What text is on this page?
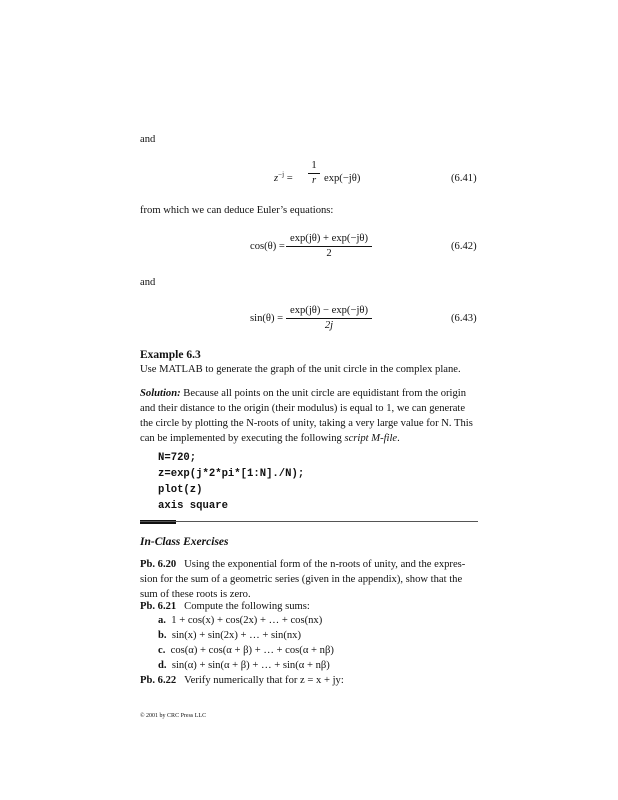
and
$z^{-j}$ =
1
r exp(−jθ)	(6.41)
from which we can deduce Euler’s equations:
cos(θ) =
exp(jθ) + exp(−jθ)
2
(6.42)
and
sin(θ) =
exp(jθ) − exp(−jθ)
2j
(6.43)
Example 6.3
Use MATLAB to generate the graph of the unit circle in the complex plane.
Solution: Because all points on the unit circle are equidistant from the origin
and their distance to the origin (their modulus) is equal to 1, we can generate
the circle by plotting the N-roots of unity, taking a very large value for N. This
can be implemented by executing the following script M-file.
N=720;
z=exp(j*2*pi*[1:N]./N);
plot(z)
axis square
In-Class Exercises
Pb. 6.20 Using the exponential form of the n-roots of unity, and the expres-
sion for the sum of a geometric series (given in the appendix), show that the
sum of these roots is zero.
Pb. 6.21 Compute the following sums:
a. 1 + cos(x) + cos(2x) + … + cos(nx)
b. sin(x) + sin(2x) + … + sin(nx)
c. cos(α) + cos(α + β) + … + cos(α + nβ)
d. sin(α) + sin(α + β) + … + sin(α + nβ)
Pb. 6.22 Verify numerically that for z = x + jy:
© 2001 by CRC Press LLC
